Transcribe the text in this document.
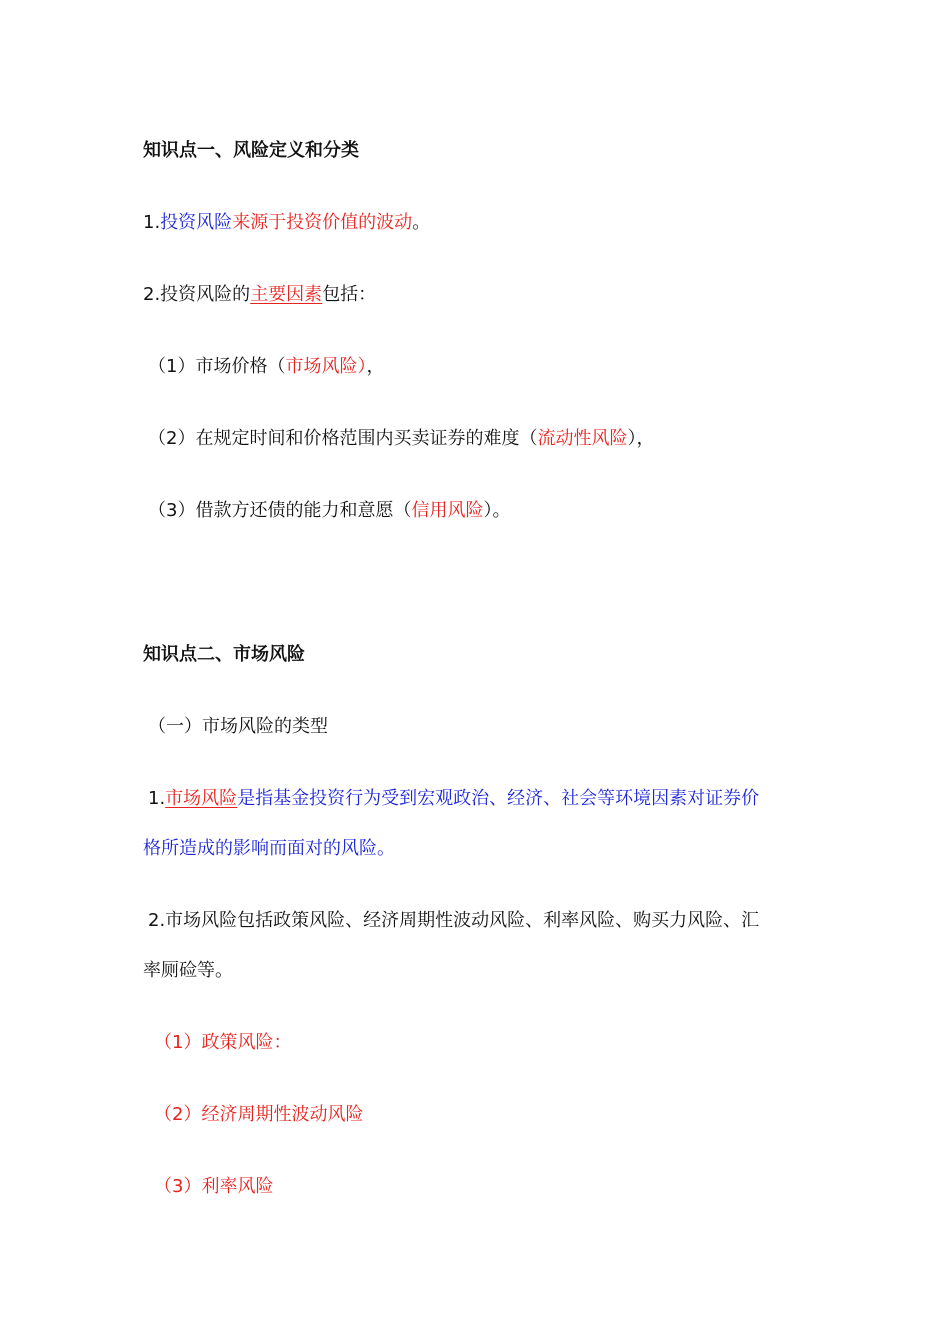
知识点一、风险定义和分类
1.投资风险来源于投资价值的波动。
2.投资风险的主要因素包括：
（1）市场价格（市场风险），
（2）在规定时间和价格范围内买卖证券的难度（流动性风险），
（3）借款方还债的能力和意愿（信用风险）。
知识点二、市场风险
（一）市场风险的类型
1.市场风险是指基金投资行为受到宏观政治、经济、社会等环境因素对证券价
格所造成的影响而面对的风险。
2.市场风险包括政策风险、经济周期性波动风险、利率风险、购买力风险、汇
率厕硷等。
（1）政策风险：
（2）经济周期性波动风险
（3）利率风险
